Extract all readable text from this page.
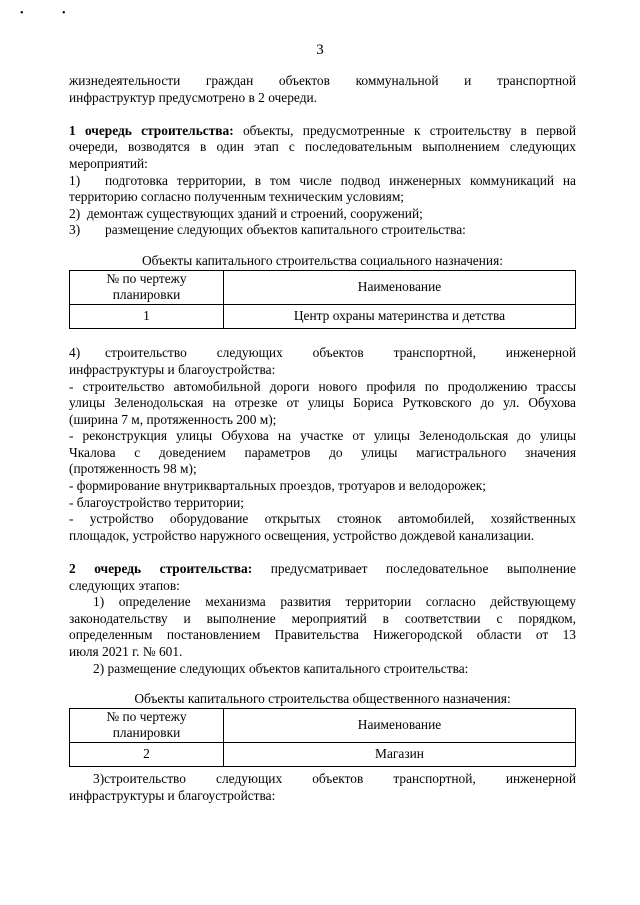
• •
3

жизнедеятельности граждан объектов коммунальной и транспортной

инфраструктур предусмотрено в 2 очереди.

1 очередь строительства: объекты, предусмотренные к строительству в первой

очереди, возводятся в один этап с последовательным выполнением следующих

мероприятий:

1) подготовка территории, в том числе подвод инженерных коммуникаций на

территорию согласно полученным техническим условиям;

2) демонтаж существующих зданий и строений, сооружений;

3) размещение следующих объектов капитального строительства:

Объекты капитального строительства социального назначения:

№ по чертежу планировки	Наименование
1	Центр охраны материнства и детства

4) строительство следующих объектов транспортной, инженерной

инфраструктуры и благоустройства:

- строительство автомобильной дороги нового профиля по продолжению трассы

улицы Зеленодольская на отрезке от улицы Бориса Рутковского до ул. Обухова

(ширина 7 м, протяженность 200 м);

- реконструкция улицы Обухова на участке от улицы Зеленодольская до улицы

Чкалова с доведением параметров до улицы магистрального значения

(протяженность 98 м);

- формирование внутриквартальных проездов, тротуаров и велодорожек;

- благоустройство территории;

- устройство оборудование открытых стоянок автомобилей, хозяйственных

площадок, устройство наружного освещения, устройство дождевой канализации.

2 очередь строительства: предусматривает последовательное выполнение

следующих этапов:

1) определение механизма развития территории согласно действующему

законодательству и выполнение мероприятий в соответствии с порядком,

определенным постановлением Правительства Нижегородской области от 13

июля 2021 г. № 601.

2) размещение следующих объектов капитального строительства:

Объекты капитального строительства общественного назначения:

№ по чертежу планировки	Наименование
2	Магазин

3)строительство следующих объектов транспортной, инженерной

инфраструктуры и благоустройства:
